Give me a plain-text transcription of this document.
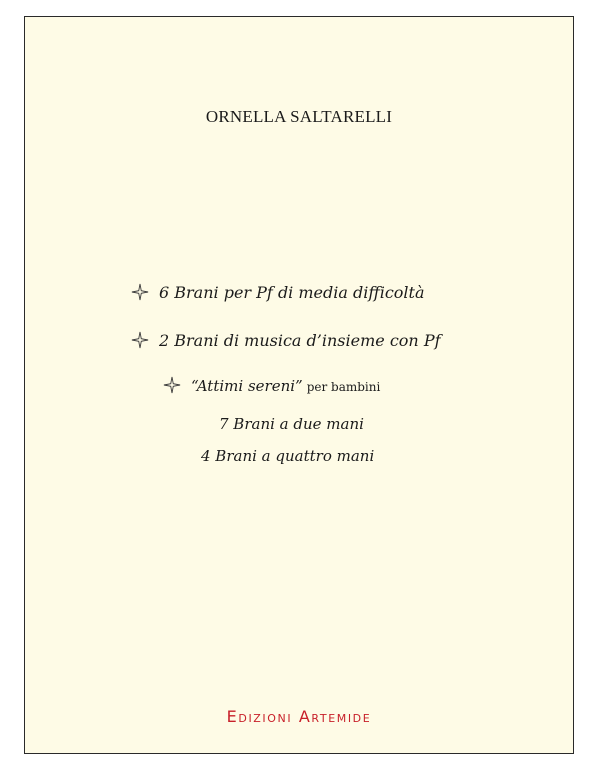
ORNELLA SALTARELLI
6 Brani per Pf di media difficoltà
2 Brani di musica d’insieme con Pf
“Attimi sereni” per bambini
7 Brani a due mani
4 Brani a quattro mani
Edizioni Artemide
